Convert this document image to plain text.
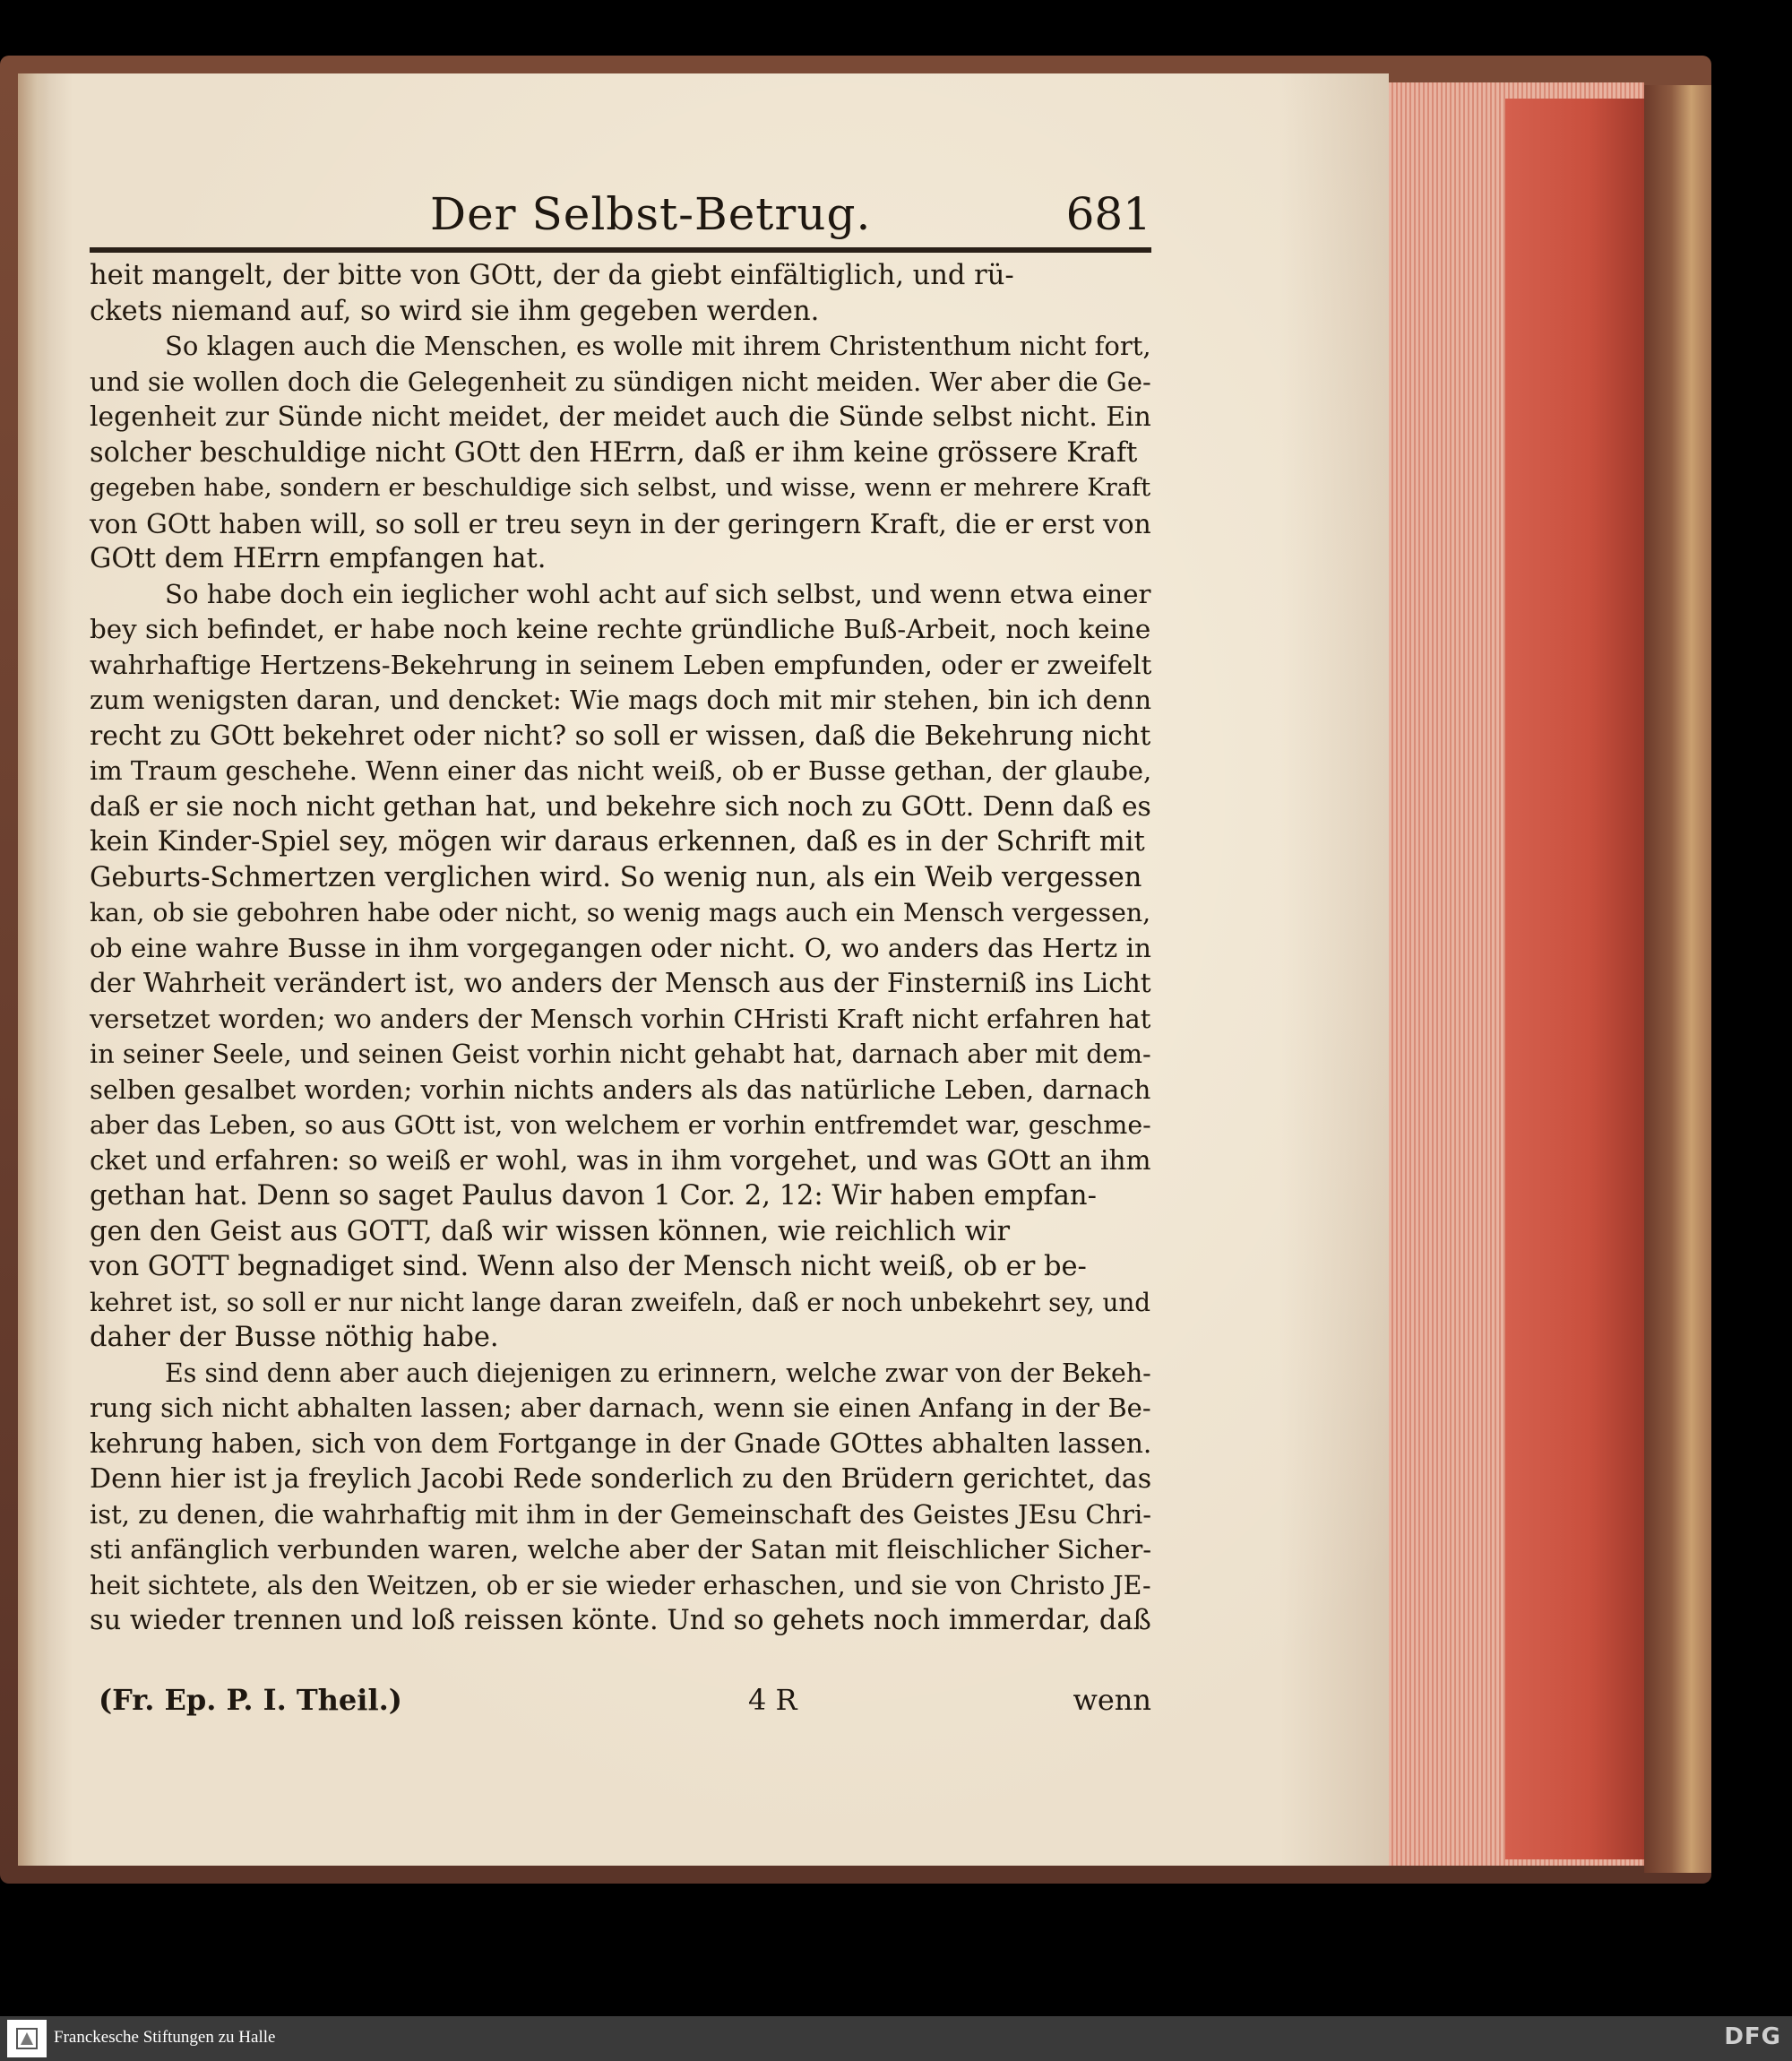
Der Selbst-Betrug.	681
heit mangelt, der bitte von GOtt, der da giebt einfältiglich, und rü-
ckets niemand auf, so wird sie ihm gegeben werden.
So klagen auch die Menschen, es wolle mit ihrem Christenthum nicht fort,
und sie wollen doch die Gelegenheit zu sündigen nicht meiden. Wer aber die Ge-
legenheit zur Sünde nicht meidet, der meidet auch die Sünde selbst nicht. Ein
solcher beschuldige nicht GOtt den HErrn, daß er ihm keine grössere Kraft
gegeben habe, sondern er beschuldige sich selbst, und wisse, wenn er mehrere Kraft
von GOtt haben will, so soll er treu seyn in der geringern Kraft, die er erst von
GOtt dem HErrn empfangen hat.
So habe doch ein ieglicher wohl acht auf sich selbst, und wenn etwa einer
bey sich befindet, er habe noch keine rechte gründliche Buß-Arbeit, noch keine
wahrhaftige Hertzens-Bekehrung in seinem Leben empfunden, oder er zweifelt
zum wenigsten daran, und dencket: Wie mags doch mit mir stehen, bin ich denn
recht zu GOtt bekehret oder nicht? so soll er wissen, daß die Bekehrung nicht
im Traum geschehe. Wenn einer das nicht weiß, ob er Busse gethan, der glaube,
daß er sie noch nicht gethan hat, und bekehre sich noch zu GOtt. Denn daß es
kein Kinder-Spiel sey, mögen wir daraus erkennen, daß es in der Schrift mit
Geburts-Schmertzen verglichen wird. So wenig nun, als ein Weib vergessen
kan, ob sie gebohren habe oder nicht, so wenig mags auch ein Mensch vergessen,
ob eine wahre Busse in ihm vorgegangen oder nicht. O, wo anders das Hertz in
der Wahrheit verändert ist, wo anders der Mensch aus der Finsterniß ins Licht
versetzet worden; wo anders der Mensch vorhin CHristi Kraft nicht erfahren hat
in seiner Seele, und seinen Geist vorhin nicht gehabt hat, darnach aber mit dem-
selben gesalbet worden; vorhin nichts anders als das natürliche Leben, darnach
aber das Leben, so aus GOtt ist, von welchem er vorhin entfremdet war, geschme-
cket und erfahren: so weiß er wohl, was in ihm vorgehet, und was GOtt an ihm
gethan hat. Denn so saget Paulus davon 1 Cor. 2, 12: Wir haben empfan-
gen den Geist aus GOTT, daß wir wissen können, wie reichlich wir
von GOTT begnadiget sind. Wenn also der Mensch nicht weiß, ob er be-
kehret ist, so soll er nur nicht lange daran zweifeln, daß er noch unbekehrt sey, und
daher der Busse nöthig habe.
Es sind denn aber auch diejenigen zu erinnern, welche zwar von der Bekeh-
rung sich nicht abhalten lassen; aber darnach, wenn sie einen Anfang in der Be-
kehrung haben, sich von dem Fortgange in der Gnade GOttes abhalten lassen.
Denn hier ist ja freylich Jacobi Rede sonderlich zu den Brüdern gerichtet, das
ist, zu denen, die wahrhaftig mit ihm in der Gemeinschaft des Geistes JEsu Chri-
sti anfänglich verbunden waren, welche aber der Satan mit fleischlicher Sicher-
heit sichtete, als den Weitzen, ob er sie wieder erhaschen, und sie von Christo JE-
su wieder trennen und loß reissen könte. Und so gehets noch immerdar, daß
(Fr. Ep. P. I. Theil.)	4 R	wenn
Franckesche Stiftungen zu Halle	DFG
